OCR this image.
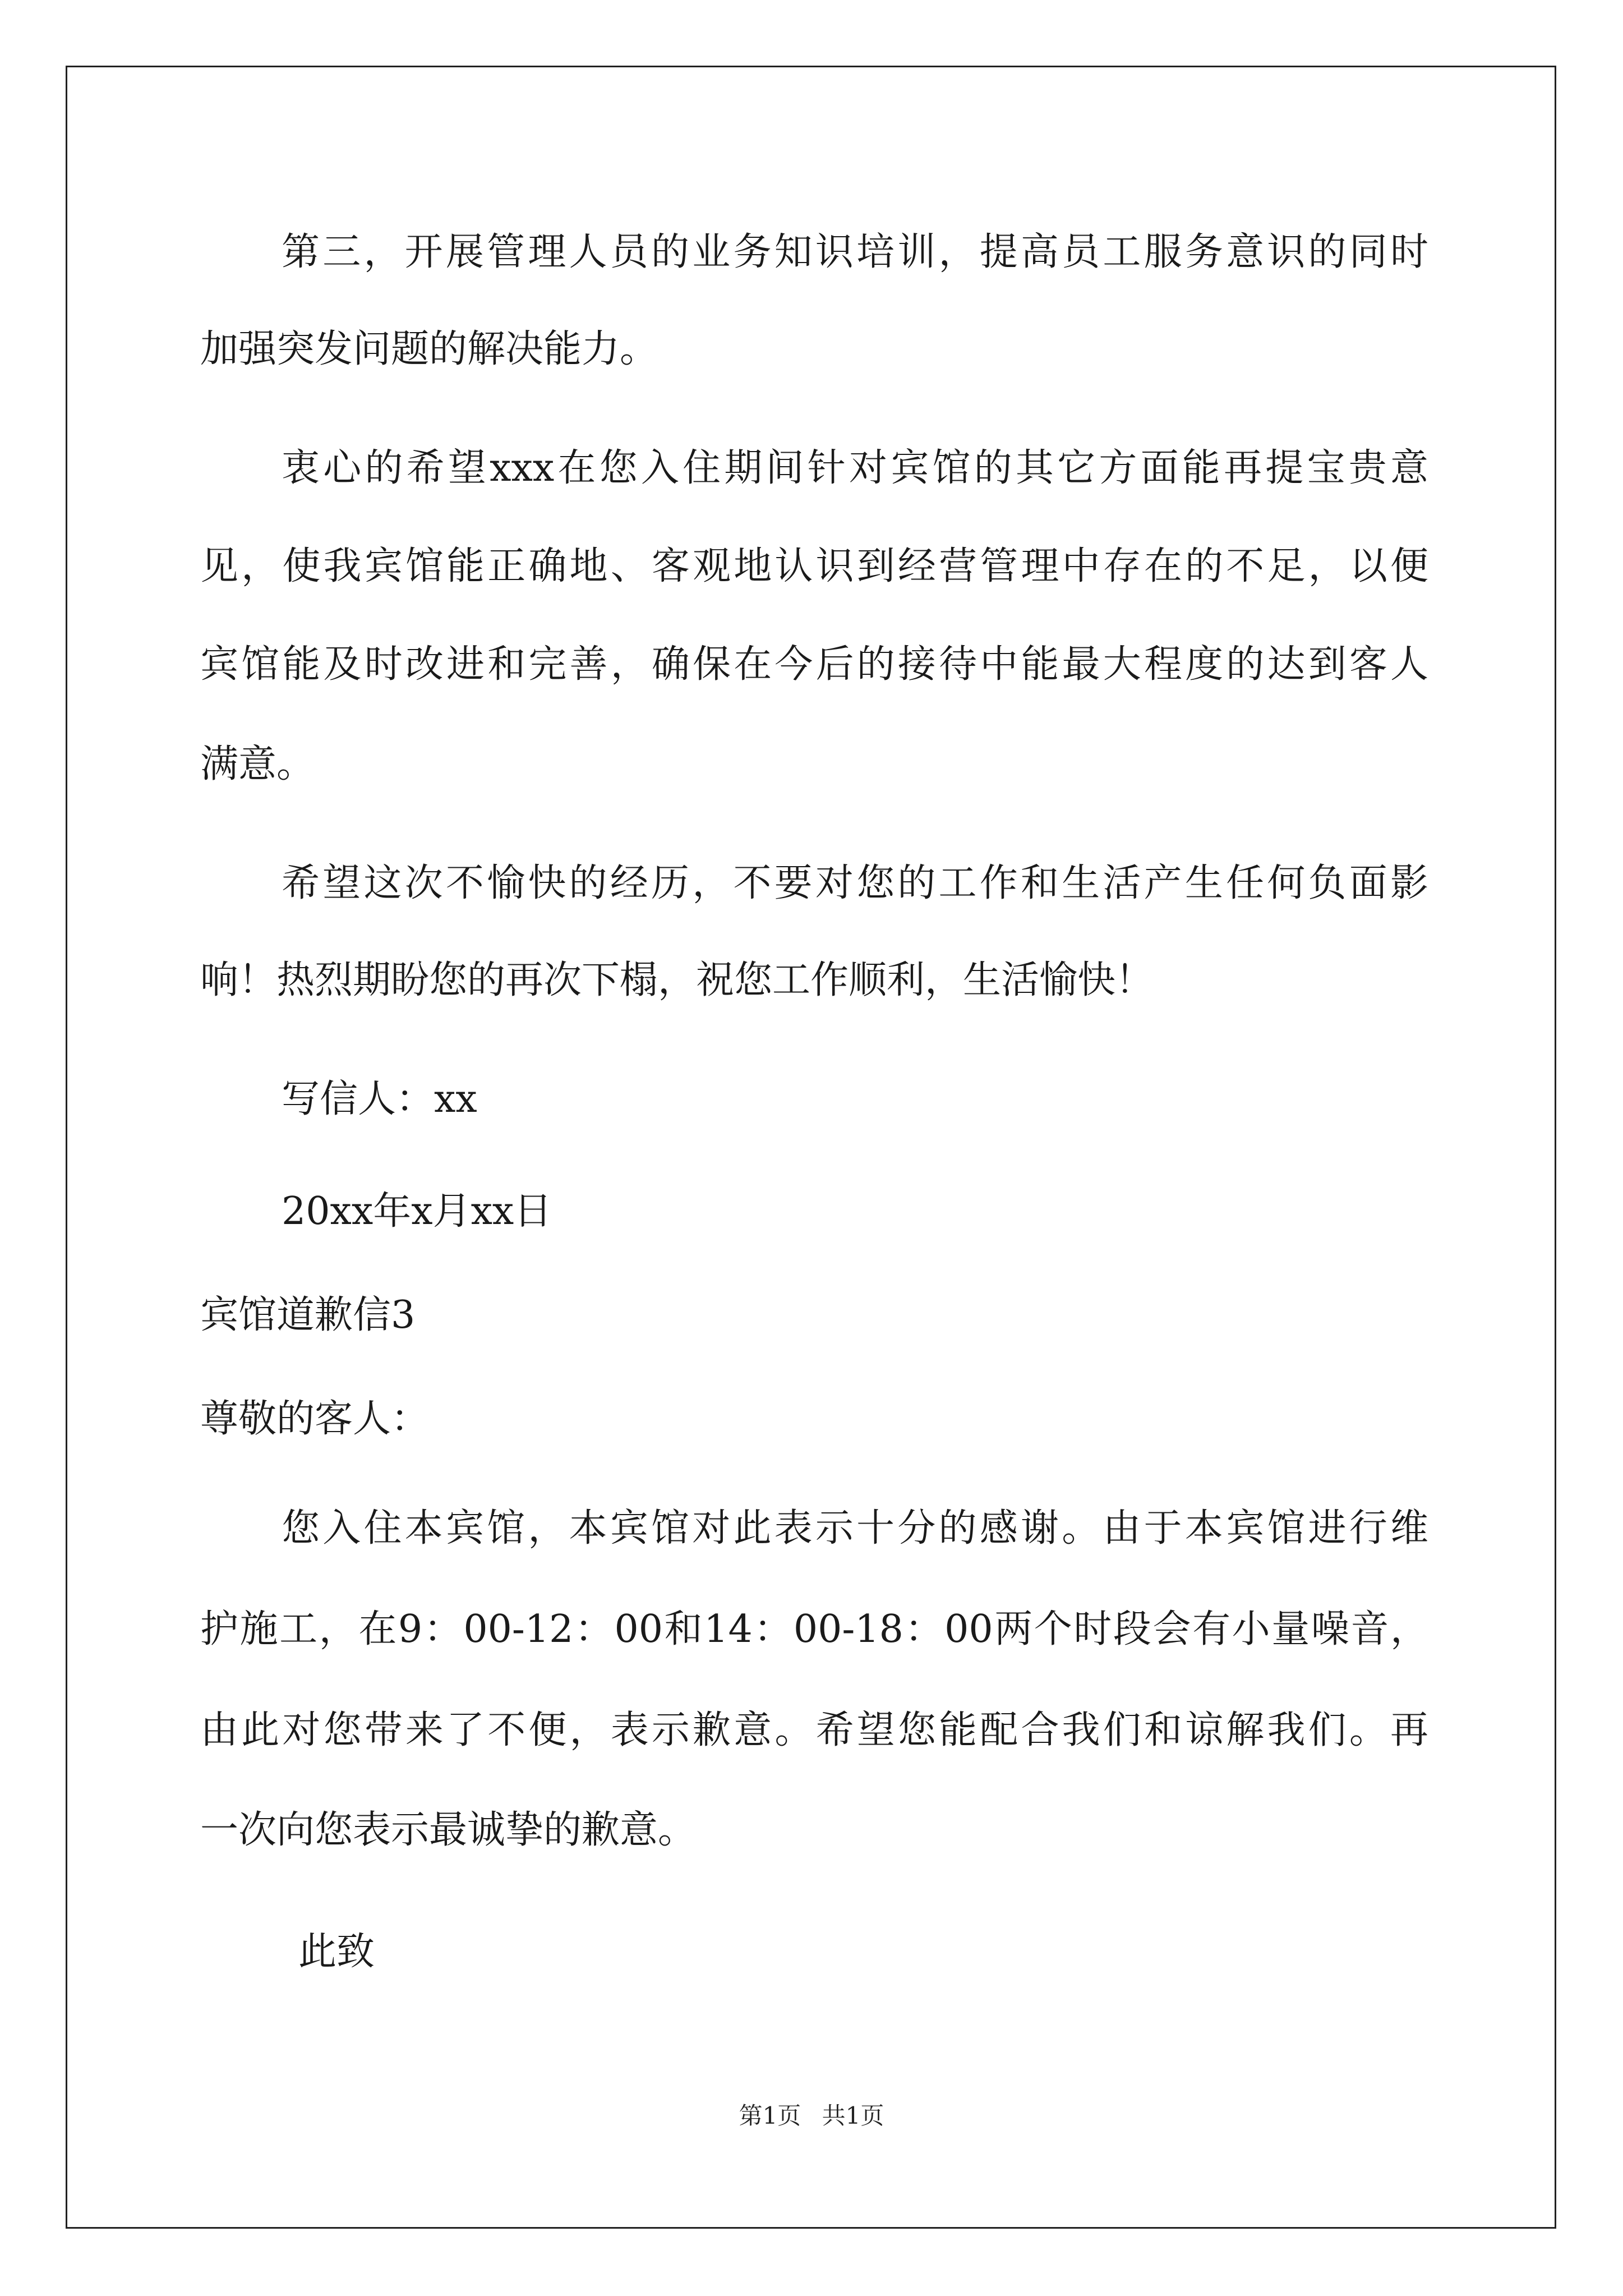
第三，开展管理人员的业务知识培训，提高员工服务意识的同时
加强突发问题的解决能力。
衷心的希望xxx在您入住期间针对宾馆的其它方面能再提宝贵意
见，使我宾馆能正确地、客观地认识到经营管理中存在的不足，以便
宾馆能及时改进和完善，确保在今后的接待中能最大程度的达到客人
满意。
希望这次不愉快的经历，不要对您的工作和生活产生任何负面影
响！热烈期盼您的再次下榻，祝您工作顺利，生活愉快！
写信人：xx
20xx年x月xx日
宾馆道歉信3
尊敬的客人：
您入住本宾馆，本宾馆对此表示十分的感谢。由于本宾馆进行维
护施工，在9：00-12：00和14：00-18：00两个时段会有小量噪音，
由此对您带来了不便，表示歉意。希望您能配合我们和谅解我们。再
一次向您表示最诚挚的歉意。
此致
第1页 共1页
